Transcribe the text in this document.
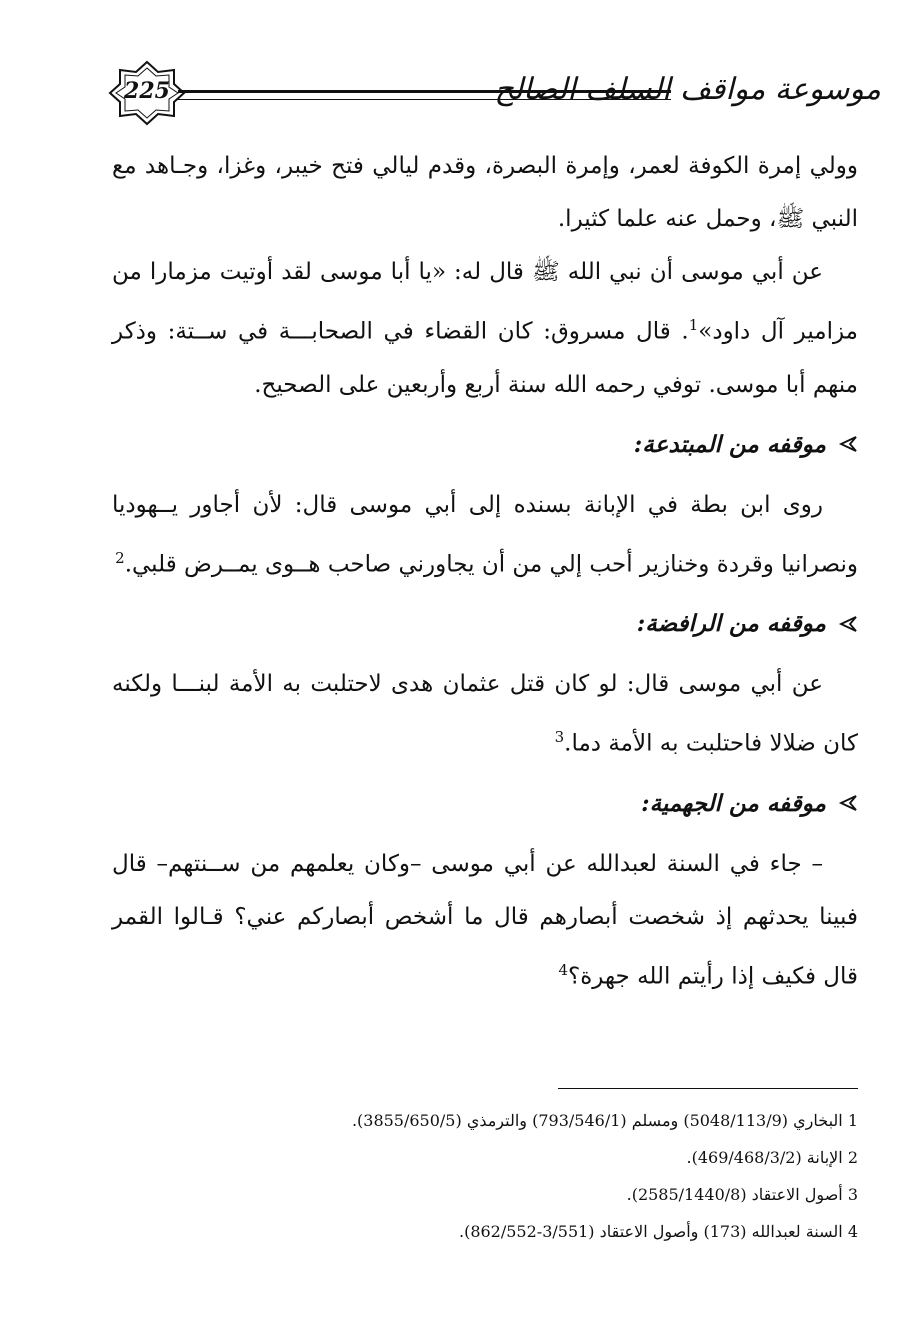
موسوعة مواقف السلف الصالح
225

وولي إمرة الكوفة لعمر، وإمرة البصرة، وقدم ليالي فتح خيبر، وغزا، وجـاهد مع النبي ﷺ، وحمل عنه علما كثيرا.

عن أبي موسى أن نبي الله ﷺ قال له: «يا أبا موسى لقد أوتيت مزمارا من مزامير آل داود»$^1$. قال مسروق: كان القضاء في الصحابـــة في ســتة: وذكر منهم أبا موسى. توفي رحمه الله سنة أربع وأربعين على الصحيح.

موقفه من المبتدعة:

روى ابن بطة في الإبانة بسنده إلى أبي موسى قال: لأن أجاور يــهوديا ونصرانيا وقردة وخنازير أحب إلي من أن يجاورني صاحب هــوى يمــرض قلبي.$^2$

موقفه من الرافضة:

عن أبي موسى قال: لو كان قتل عثمان هدى لاحتلبت به الأمة لبنـــا ولكنه كان ضلالا فاحتلبت به الأمة دما.$^3$

موقفه من الجهمية:

– جاء في السنة لعبدالله عن أبي موسى –وكان يعلمهم من ســنتهم– قال فبينا يحدثهم إذ شخصت أبصارهم قال ما أشخص أبصاركم عني؟ قـالوا القمر قال فكيف إذا رأيتم الله جهرة؟$^4$

1 البخاري (5048/113/9) ومسلم (793/546/1) والترمذي (3855/650/5).

2 الإبانة (469/468/3/2).

3 أصول الاعتقاد (2585/1440/8).

4 السنة لعبدالله (173) وأصول الاعتقاد (3/551-862/552).
